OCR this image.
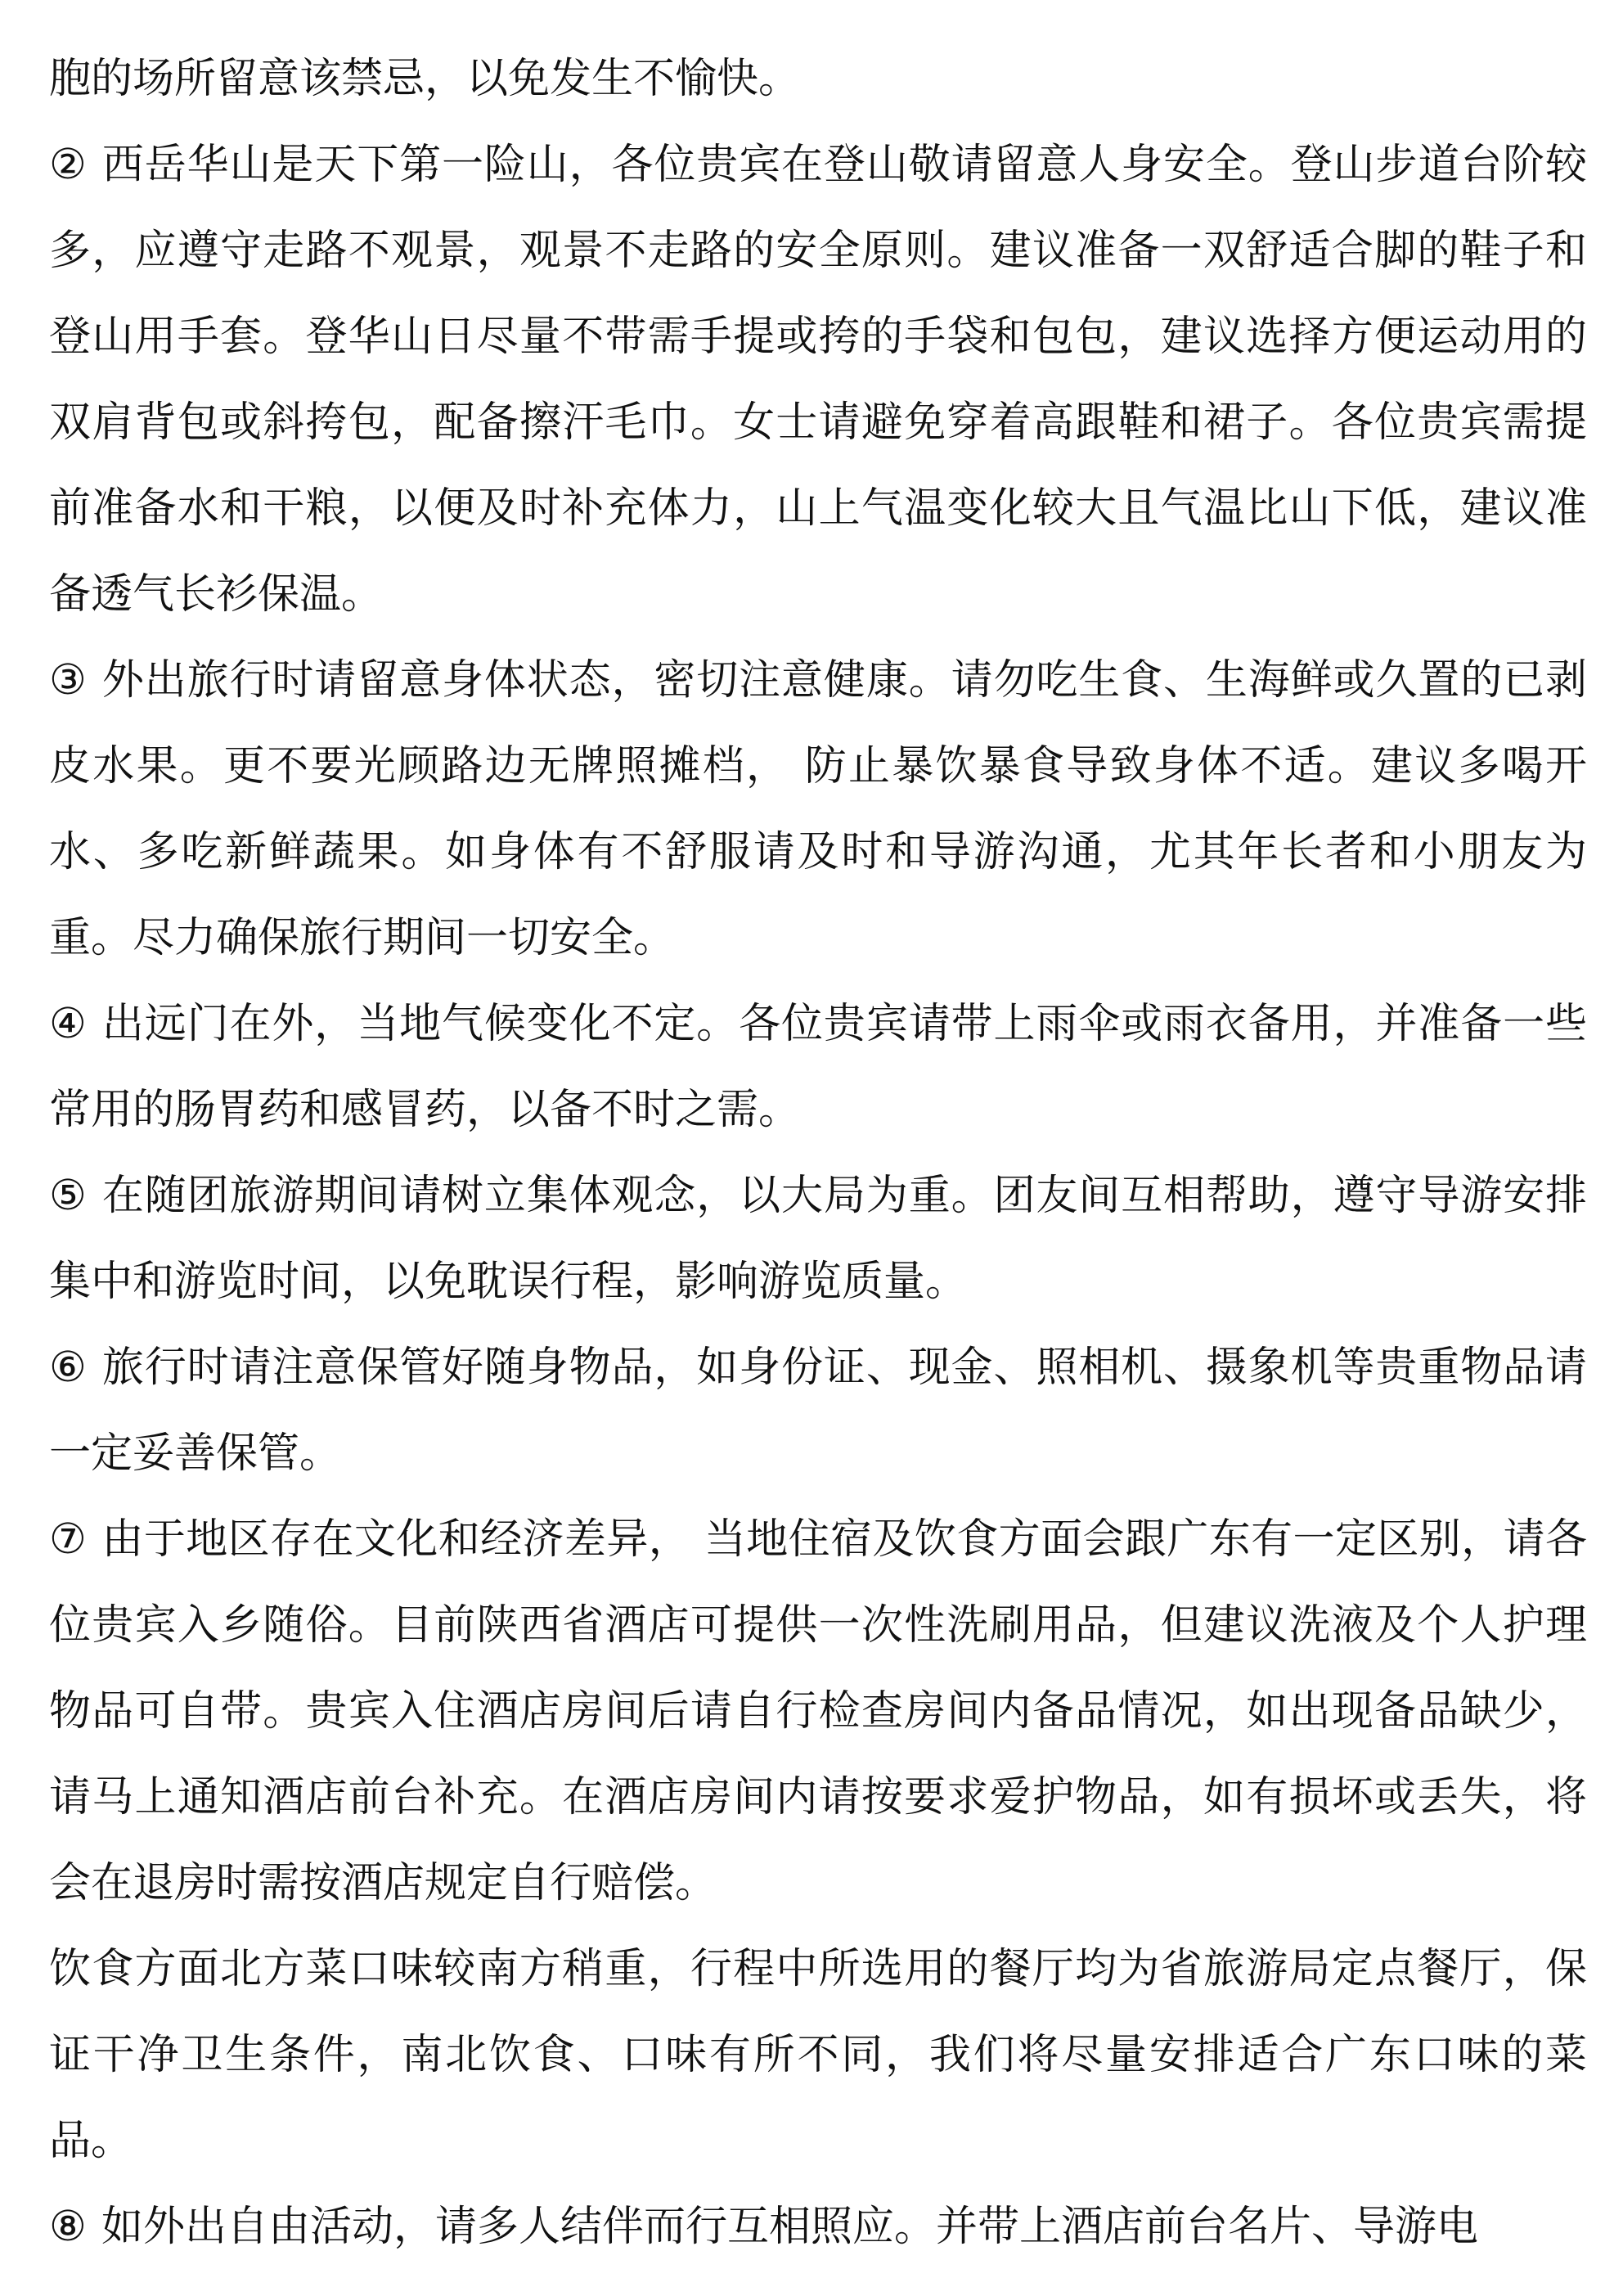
胞的场所留意该禁忌，以免发生不愉快。

② 西岳华山是天下第一险山，各位贵宾在登山敬请留意人身安全。登山步道台阶较多，应遵守走路不观景，观景不走路的安全原则。建议准备一双舒适合脚的鞋子和登山用手套。登华山日尽量不带需手提或挎的手袋和包包，建议选择方便运动用的双肩背包或斜挎包，配备擦汗毛巾。女士请避免穿着高跟鞋和裙子。各位贵宾需提前准备水和干粮，以便及时补充体力，山上气温变化较大且气温比山下低，建议准备透气长衫保温。

③ 外出旅行时请留意身体状态，密切注意健康。请勿吃生食、生海鲜或久置的已剥皮水果。更不要光顾路边无牌照摊档， 防止暴饮暴食导致身体不适。建议多喝开水、多吃新鲜蔬果。如身体有不舒服请及时和导游沟通，尤其年长者和小朋友为重。尽力确保旅行期间一切安全。

④ 出远门在外，当地气候变化不定。各位贵宾请带上雨伞或雨衣备用，并准备一些常用的肠胃药和感冒药，以备不时之需。

⑤ 在随团旅游期间请树立集体观念，以大局为重。团友间互相帮助，遵守导游安排集中和游览时间，以免耽误行程，影响游览质量。

⑥ 旅行时请注意保管好随身物品，如身份证、现金、照相机、摄象机等贵重物品请一定妥善保管。

⑦ 由于地区存在文化和经济差异， 当地住宿及饮食方面会跟广东有一定区别，请各位贵宾入乡随俗。目前陕西省酒店可提供一次性洗刷用品，但建议洗液及个人护理物品可自带。贵宾入住酒店房间后请自行检查房间内备品情况，如出现备品缺少，请马上通知酒店前台补充。在酒店房间内请按要求爱护物品，如有损坏或丢失，将会在退房时需按酒店规定自行赔偿。

饮食方面北方菜口味较南方稍重，行程中所选用的餐厅均为省旅游局定点餐厅，保证干净卫生条件，南北饮食、口味有所不同，我们将尽量安排适合广东口味的菜品。

⑧ 如外出自由活动，请多人结伴而行互相照应。并带上酒店前台名片、导游电
